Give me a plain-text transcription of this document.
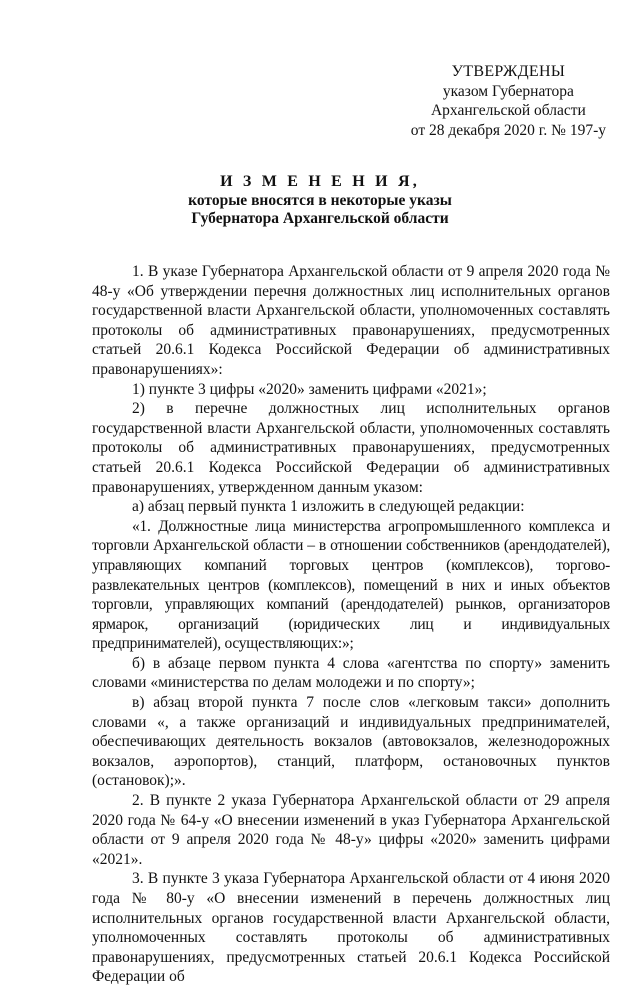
УТВЕРЖДЕНЫ
указом Губернатора
Архангельской области
от 28 декабря 2020 г. № 197-у
И З М Е Н Е Н И Я,
которые вносятся в некоторые указы
Губернатора Архангельской области

1. В указе Губернатора Архангельской области от 9 апреля 2020 года № 48-у «Об утверждении перечня должностных лиц исполнительных органов государственной власти Архангельской области, уполномоченных составлять протоколы об административных правонарушениях, предусмотренных статьей 20.6.1 Кодекса Российской Федерации об административных правонарушениях»:

1) пункте 3 цифры «2020» заменить цифрами «2021»;

2) в перечне должностных лиц исполнительных органов государственной власти Архангельской области, уполномоченных составлять протоколы об административных правонарушениях, предусмотренных статьей 20.6.1 Кодекса Российской Федерации об административных правонарушениях, утвержденном данным указом:

а) абзац первый пункта 1 изложить в следующей редакции:

«1. Должностные лица министерства агропромышленного комплекса и торговли Архангельской области – в отношении собственников (арендодателей), управляющих компаний торговых центров (комплексов), торгово-развлекательных центров (комплексов), помещений в них и иных объектов торговли, управляющих компаний (арендодателей) рынков, организаторов ярмарок, организаций (юридических лиц и индивидуальных предпринимателей), осуществляющих:»;

б) в абзаце первом пункта 4 слова «агентства по спорту» заменить словами «министерства по делам молодежи и по спорту»;

в) абзац второй пункта 7 после слов «легковым такси» дополнить словами «, а также организаций и индивидуальных предпринимателей, обеспечивающих деятельность вокзалов (автовокзалов, железнодорожных вокзалов, аэропортов), станций, платформ, остановочных пунктов (остановок);».

2. В пункте 2 указа Губернатора Архангельской области от 29 апреля 2020 года № 64-у «О внесении изменений в указ Губернатора Архангельской области от 9 апреля 2020 года № 48-у» цифры «2020» заменить цифрами «2021».

3. В пункте 3 указа Губернатора Архангельской области от 4 июня 2020 года № 80-у «О внесении изменений в перечень должностных лиц исполнительных органов государственной власти Архангельской области, уполномоченных составлять протоколы об административных правонарушениях, предусмотренных статьей 20.6.1 Кодекса Российской Федерации об
